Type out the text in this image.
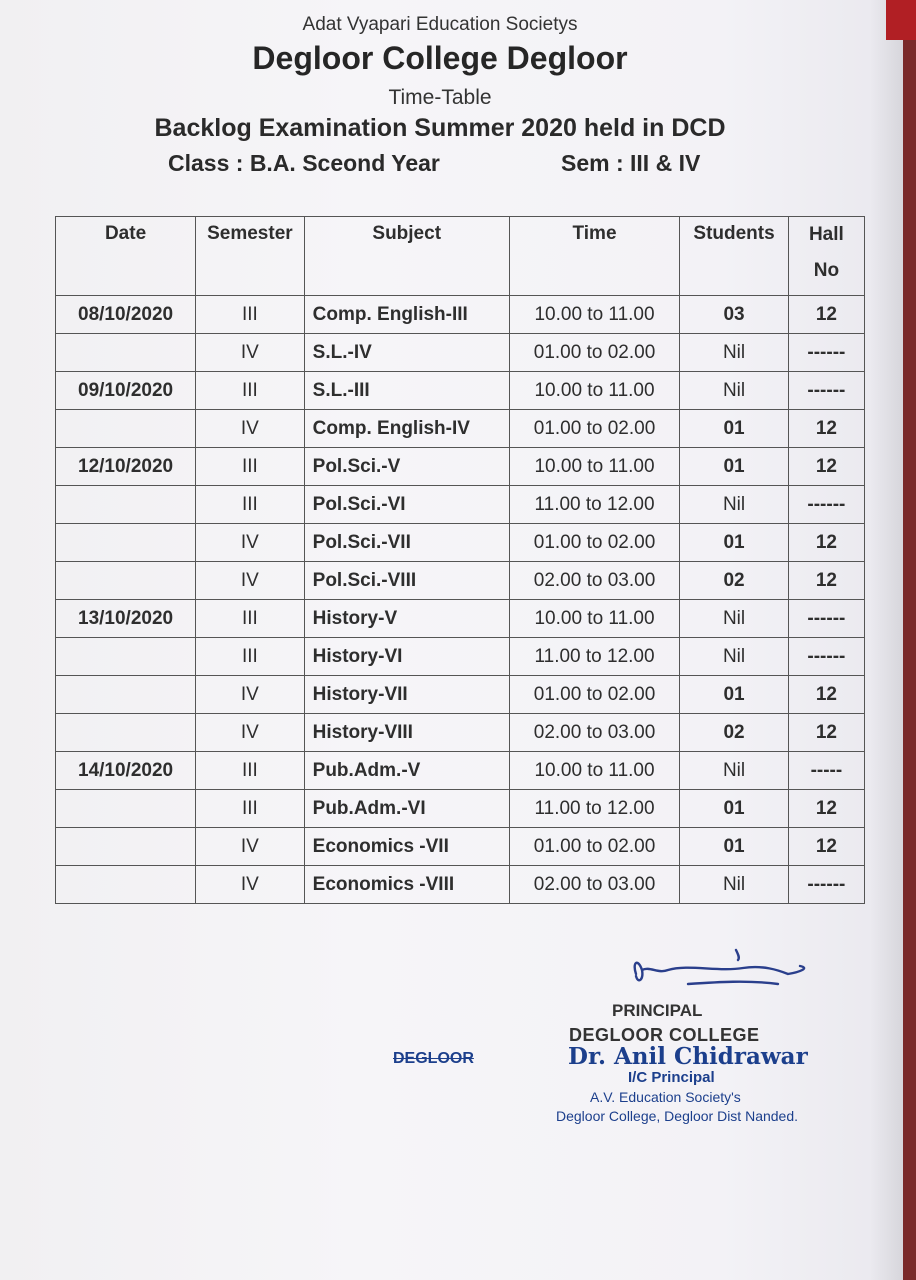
Adat Vyapari Education Societys
Degloor College Degloor
Time-Table
Backlog Examination Summer 2020 held in DCD
Class : B.A. Sceond Year	Sem : III & IV
Date	Semester	Subject	Time	Students	Hall
No
08/10/2020	III	Comp. English-III	10.00 to 11.00	03	12
	IV	S.L.-IV	01.00 to 02.00	Nil	------
09/10/2020	III	S.L.-III	10.00 to 11.00	Nil	------
	IV	Comp. English-IV	01.00 to 02.00	01	12
12/10/2020	III	Pol.Sci.-V	10.00 to 11.00	01	12
	III	Pol.Sci.-VI	11.00 to 12.00	Nil	------
	IV	Pol.Sci.-VII	01.00 to 02.00	01	12
	IV	Pol.Sci.-VIII	02.00 to 03.00	02	12
13/10/2020	III	History-V	10.00 to 11.00	Nil	------
	III	History-VI	11.00 to 12.00	Nil	------
	IV	History-VII	01.00 to 02.00	01	12
	IV	History-VIII	02.00 to 03.00	02	12
14/10/2020	III	Pub.Adm.-V	10.00 to 11.00	Nil	-----
	III	Pub.Adm.-VI	11.00 to 12.00	01	12
	IV	Economics -VII	01.00 to 02.00	01	12
	IV	Economics -VIII	02.00 to 03.00	Nil	------
PRINCIPAL
DEGLOOR COLLEGE
Dr. Anil Chidrawar
I/C Principal
A.V. Education Society's
Degloor College, Degloor Dist Nanded.
DEGLOOR
